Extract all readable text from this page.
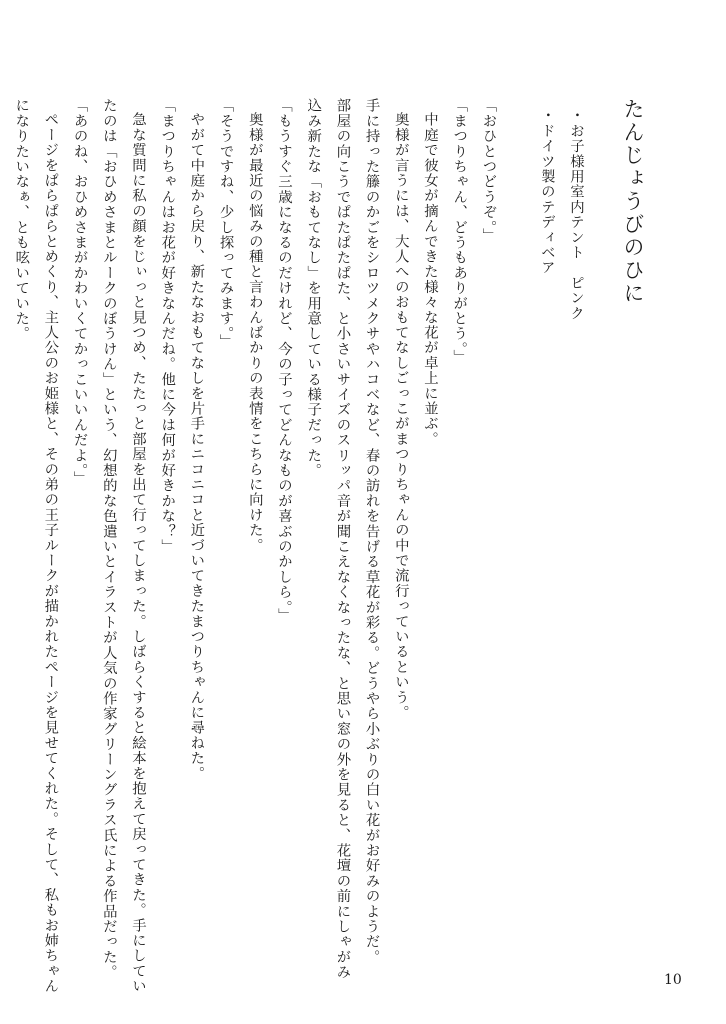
たんじょうびのひに
・お子様用室内テント　ピンク
・ドイツ製のテディベア
「おひとつどうぞ。」
「まつりちゃん、どうもありがとう。」
中庭で彼女が摘んできた様々な花が卓上に並ぶ。
奥様が言うには、大人へのおもてなしごっこがまつりちゃんの中で流行っているという。
手に持った籐のかごをシロツメクサやハコベなど、春の訪れを告げる草花が彩る。どうやら小ぶりの白い花がお好みのようだ。
部屋の向こうでぱたぱたぱた、と小さいサイズのスリッパ音が聞こえなくなったな、と思い窓の外を見ると、花壇の前にしゃがみ
込み新たな「おもてなし」を用意している様子だった。
「もうすぐ三歳になるのだけれど、今の子ってどんなものが喜ぶのかしら。」
奥様が最近の悩みの種と言わんばかりの表情をこちらに向けた。
「そうですね、少し探ってみます。」
やがて中庭から戻り、新たなおもてなしを片手にニコニコと近づいてきたまつりちゃんに尋ねた。
「まつりちゃんはお花が好きなんだね。他に今は何が好きかな？」
急な質問に私の顔をじぃっと見つめ、たたっと部屋を出て行ってしまった。しばらくすると絵本を抱えて戻ってきた。手にしてい
たのは「おひめさまとルークのぼうけん」という、幻想的な色遣いとイラストが人気の作家グリーングラス氏による作品だった。
「あのね、おひめさまがかわいくてかっこいいんだよ。」
ページをぱらぱらとめくり、主人公のお姫様と、その弟の王子ルークが描かれたページを見せてくれた。そして、私もお姉ちゃん
になりたいなぁ、とも呟いていた。
10
